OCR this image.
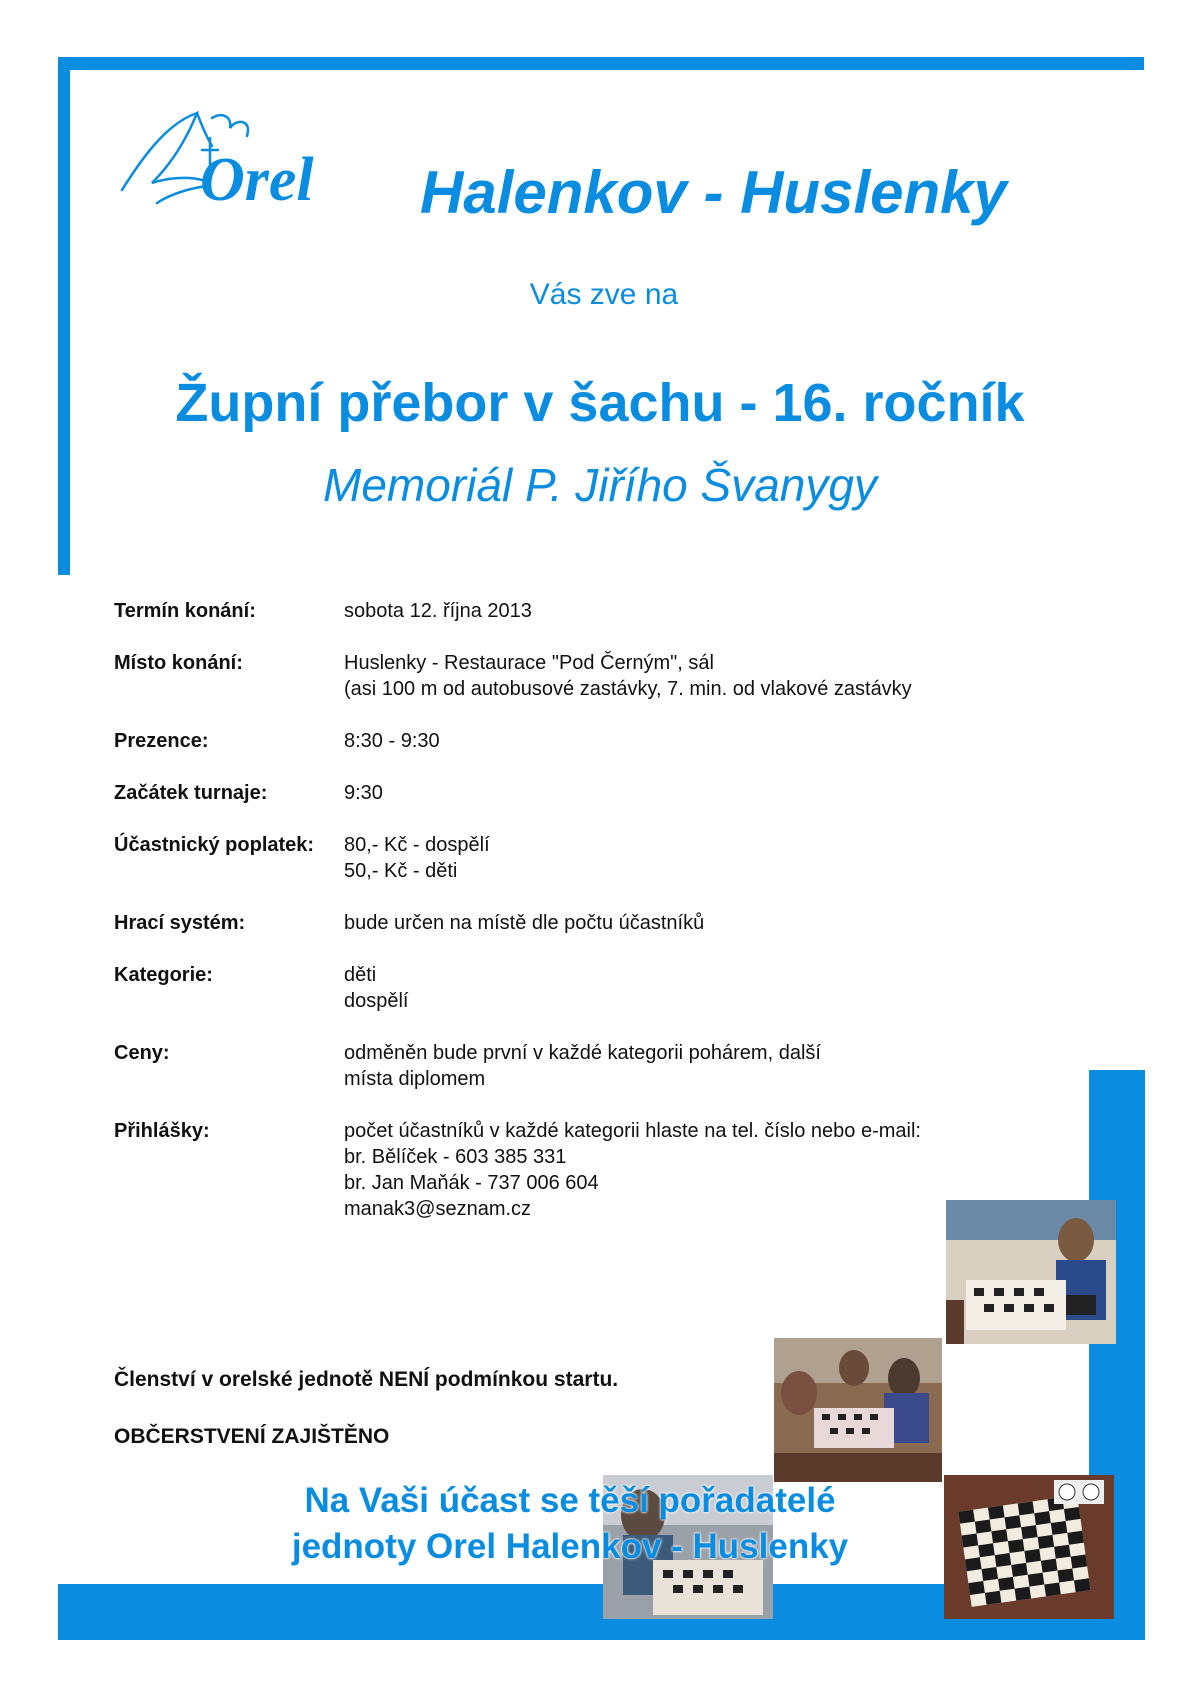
Orel Halenkov - Huslenky
Vás zve na
Župní přebor v šachu - 16. ročník
Memoriál P. Jiřího Švanygy
Termín konání:	sobota 12. října 2013
Místo konání:	Huslenky - Restaurace "Pod Černým", sál
(asi 100 m od autobusové zastávky, 7. min. od vlakové zastávky
Prezence:	8:30 - 9:30
Začátek turnaje:	9:30
Účastnický poplatek: 80,- Kč - dospělí
50,- Kč - děti
Hrací systém:	bude určen na místě dle počtu účastníků
Kategorie:	děti
dospělí
Ceny:	odměněn bude první v každé kategorii pohárem, další
místa diplomem
Přihlášky:	počet účastníků v každé kategorii hlaste na tel. číslo nebo e-mail:
br. Bělíček - 603 385 331
br. Jan Maňák - 737 006 604
manak3@seznam.cz
Členství v orelské jednotě NENÍ podmínkou startu.
OBČERSTVENÍ ZAJIŠTĚNO
Na Vaši účast se těší pořadatelé
jednoty Orel Halenkov - Huslenky
